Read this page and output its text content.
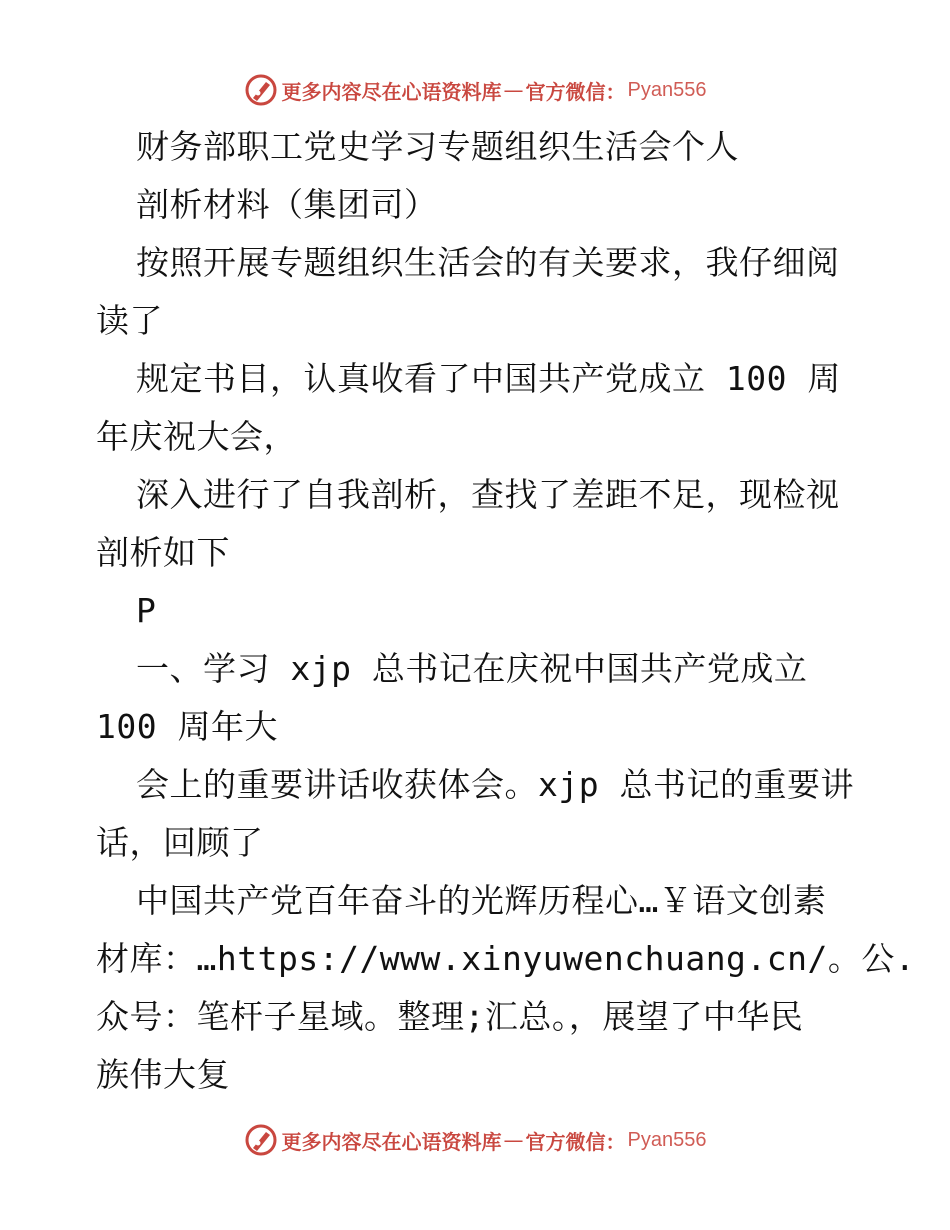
更多内容尽在心语资料库 — 官方微信： Pyan556
财务部职工党史学习专题组织生活会个人
剖析材料（集团司）
按照开展专题组织生活会的有关要求，我仔细阅
读了
规定书目，认真收看了中国共产党成立 100 周
年庆祝大会，
深入进行了自我剖析，查找了差距不足，现检视
剖析如下
P
一、学习 xjp 总书记在庆祝中国共产党成立
100 周年大
会上的重要讲话收获体会。xjp 总书记的重要讲
话，回顾了
中国共产党百年奋斗的光辉历程心…￥语文创素
材库：…https://www.xinyuwenchuang.cn/。公.
众号：笔杆子星域。整理;汇总。，展望了中华民
族伟大复
更多内容尽在心语资料库 — 官方微信： Pyan556
